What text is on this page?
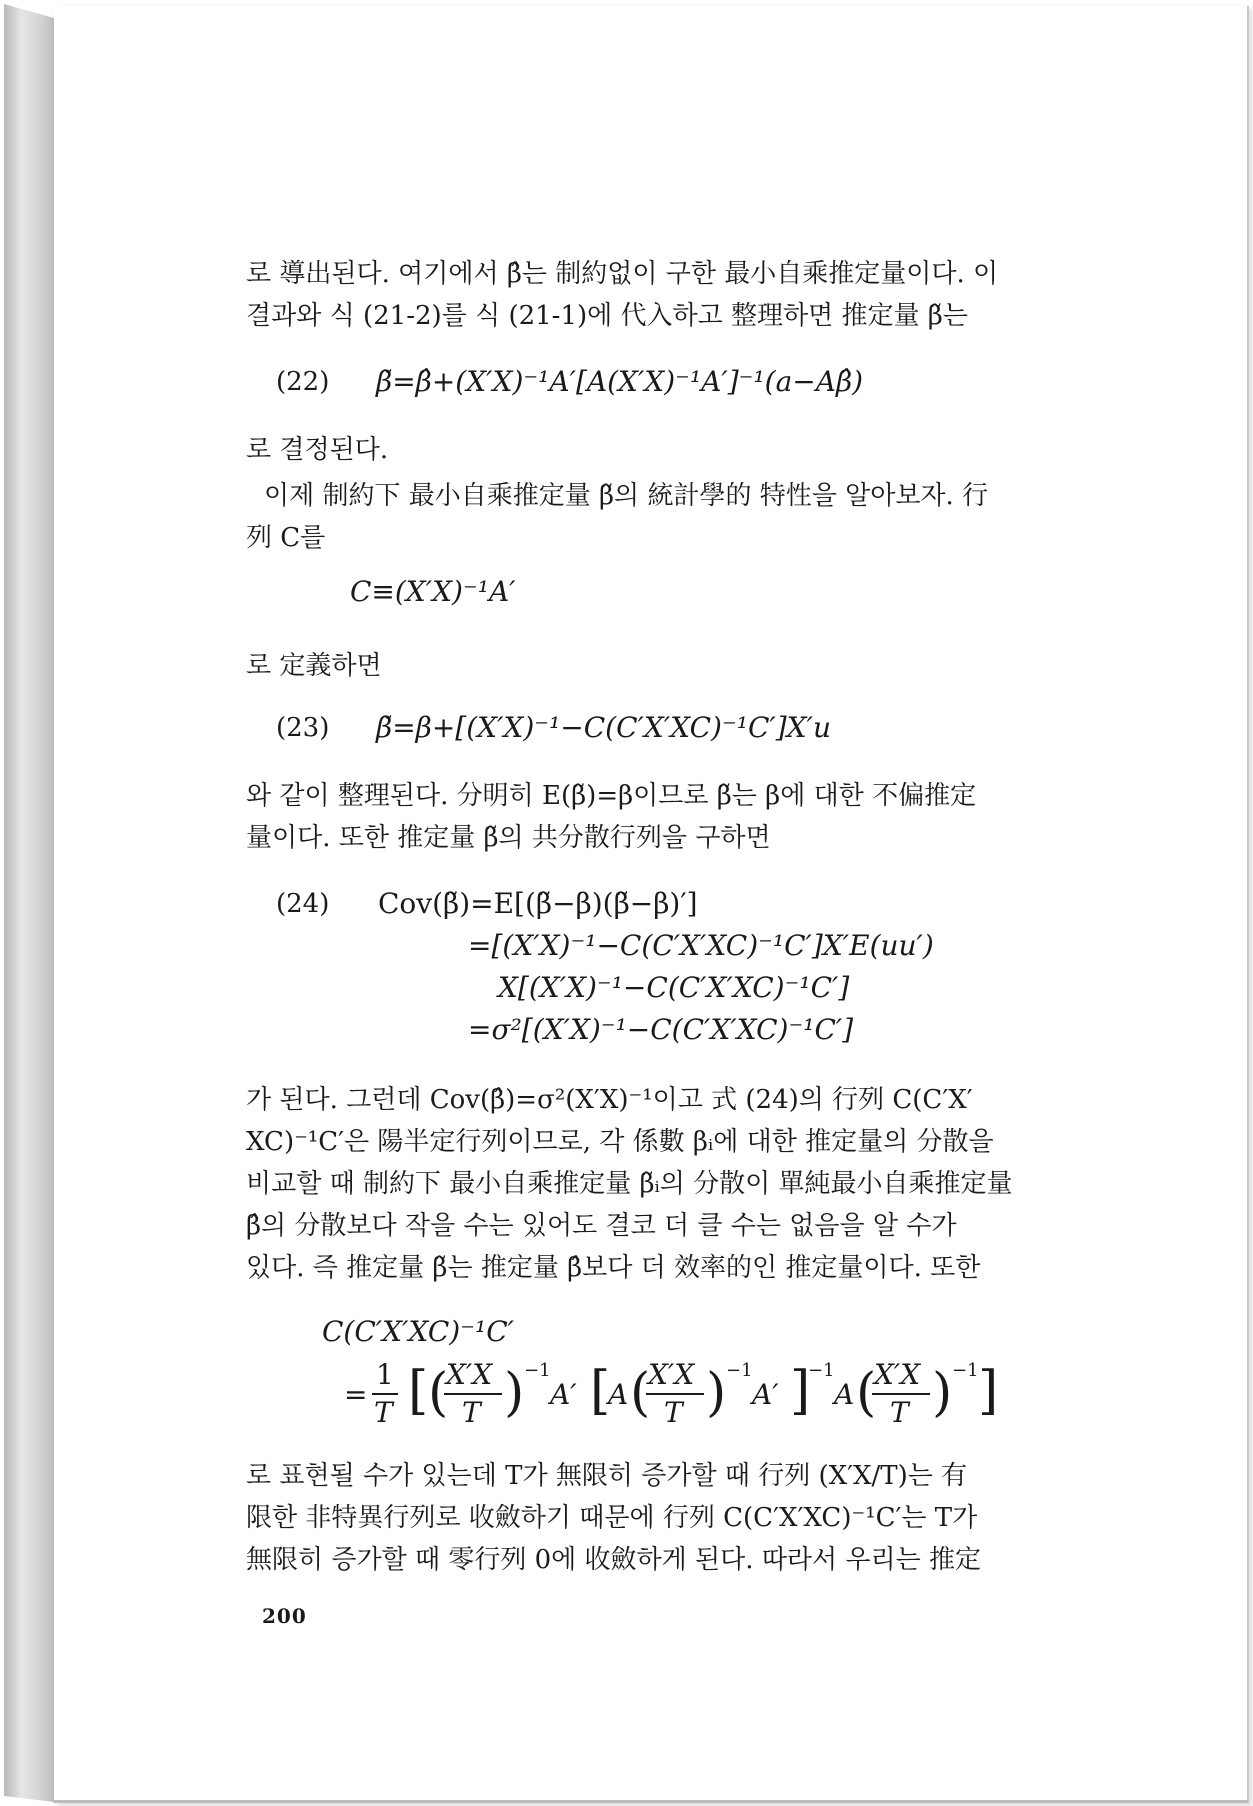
로 導出된다. 여기에서 β̂는 制約없이 구한 最小自乘推定量이다. 이
결과와 식 (21-2)를 식 (21-1)에 代入하고 整理하면 推定量 β̃는
(22) β̃=β̂+(X′X)⁻¹A′[A(X′X)⁻¹A′]⁻¹(a−Aβ̂)
로 결정된다.
이제 制約下 最小自乘推定量 β̃의 統計學的 特性을 알아보자. 行
列 C를
C≡(X′X)⁻¹A′
로 定義하면
(23) β̃=β+[(X′X)⁻¹−C(C′X′XC)⁻¹C′]X′u
와 같이 整理된다. 分明히 E(β̃)=β이므로 β̃는 β에 대한 不偏推定
量이다. 또한 推定量 β̃의 共分散行列을 구하면
(24) Cov(β̃)=E[(β̃−β)(β̃−β)′]
=[(X′X)⁻¹−C(C′X′XC)⁻¹C′]X′E(uu′)
X[(X′X)⁻¹−C(C′X′XC)⁻¹C′]
=σ²[(X′X)⁻¹−C(C′X′XC)⁻¹C′]
가 된다. 그런데 Cov(β̂)=σ²(X′X)⁻¹이고 式 (24)의 行列 C(C′X′
XC)⁻¹C′은 陽半定行列이므로, 각 係數 βᵢ에 대한 推定量의 分散을
비교할 때 制約下 最小自乘推定量 β̃ᵢ의 分散이 單純最小自乘推定量
β̂의 分散보다 작을 수는 있어도 결코 더 클 수는 없음을 알 수가
있다. 즉 推定量 β̃는 推定量 β̂보다 더 效率的인 推定量이다. 또한
C(C′X′XC)⁻¹C′
=
1
T [ (
X′X
T ) −1
A′ [
A (
X′X
T ) −1
A′ ]
−1
A (
X′X
T ) −1 ]
로 표현될 수가 있는데 T가 無限히 증가할 때 行列 (X′X/T)는 有
限한 非特異行列로 收斂하기 때문에 行列 C(C′X′XC)⁻¹C′는 T가
無限히 증가할 때 零行列 0에 收斂하게 된다. 따라서 우리는 推定
200
